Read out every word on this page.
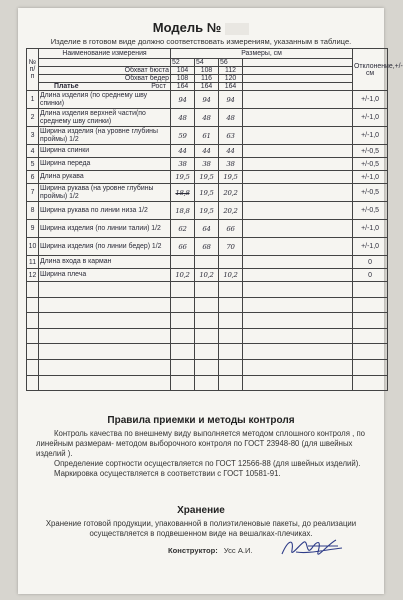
Модель №
Изделие в готовом виде должно соответствовать измерениям, указанным в таблице.
№ п/п	Наименование измерения	Размеры, см				Отклонение,+/- см
		52	54	56		
	Обхват бюста	104	108	112		
	Обхват бедер	108	116	120		

	Платье Рост	164	164	164		
1	Длина изделия (по среднему шву спинки)	94	94	94		+/-1,0
2	Длина изделия верхней части(по среднему шву спинки)	48	48	48		+/-1,0
3	Ширина изделия (на уровне глубины проймы) 1/2	59	61	63		+/-1,0
4	Ширина спинки	44	44	44		+/-0,5
5	Ширина переда	38	38	38		+/-0,5
6	Длина рукава	19,5	19,5	19,5		+/-1,0
7	Ширина рукава (на уровне глубины проймы) 1/2	18,8	19,5	20,2		+/-0,5
8	Ширина рукава по линии низа 1/2	18,8	19,5	20,2		+/-0,5
9	Ширина изделия (по линии талии) 1/2	62	64	66		+/-1,0
10	Ширина изделия (по линии бедер) 1/2	66	68	70		+/-1,0
11	Длина входа в карман					0
12	Ширина плеча	10,2	10,2	10,2		0

Правила приемки и методы контроля

Контроль качества по внешнему виду выполняется методом сплошного контроля , по линейным размерам- методом выборочного контроля по ГОСТ 23948-80 (для швейных изделий ).

Определение сортности осуществляется по ГОСТ 12566-88 (для швейных изделий).

Маркировка осуществляется в соответствии с ГОСТ 10581-91.

Хранение
Хранение готовой продукции, упакованной в полиэтиленовые пакеты, до реализации осуществляется в подвешенном виде на вешалках-плечиках.
Конструктор: Усс А.И.
